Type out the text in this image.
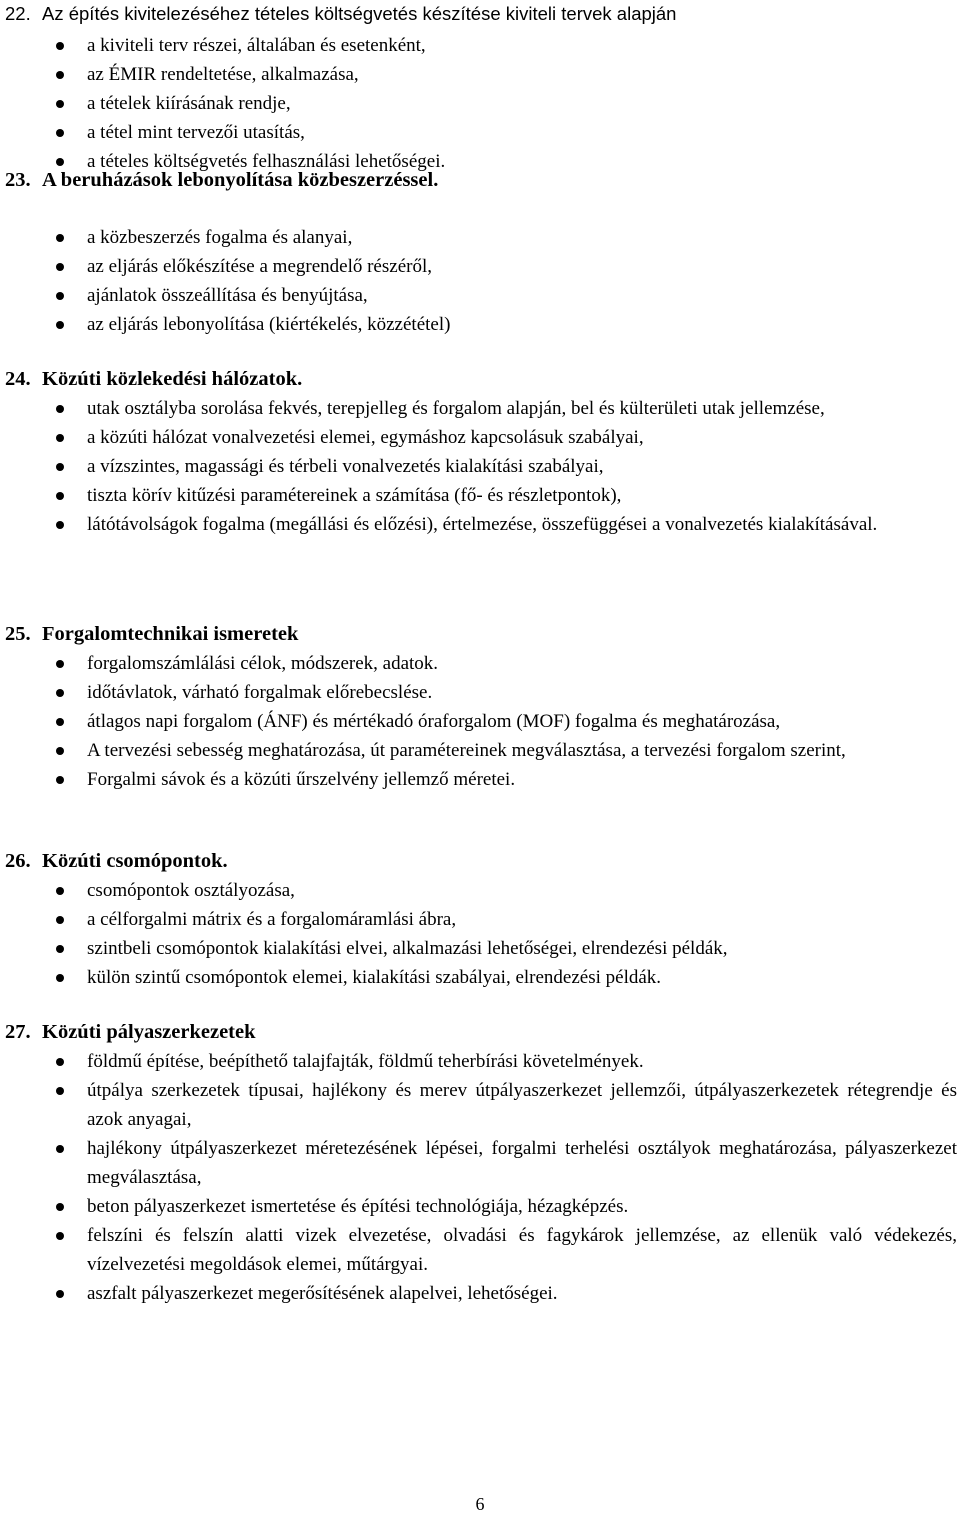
22. Az építés kivitelezéséhez tételes költségvetés készítése kiviteli tervek alapján
a kiviteli terv részei, általában és esetenként,
az ÉMIR rendeltetése, alkalmazása,
a tételek kiírásának rendje,
a tétel mint tervezői utasítás,
a tételes költségvetés felhasználási lehetőségei.
23. A beruházások lebonyolítása közbeszerzéssel.
a közbeszerzés fogalma és alanyai,
az eljárás előkészítése a megrendelő részéről,
ajánlatok összeállítása és benyújtása,
az eljárás lebonyolítása (kiértékelés, közzététel)
24. Közúti közlekedési hálózatok.
utak osztályba sorolása fekvés, terepjelleg és forgalom alapján, bel és külterületi utak jellemzése,
a közúti hálózat vonalvezetési elemei, egymáshoz kapcsolásuk szabályai,
a vízszintes, magassági és térbeli vonalvezetés kialakítási szabályai,
tiszta körív kitűzési paramétereinek a számítása (fő- és részletpontok),
látótávolságok fogalma (megállási és előzési), értelmezése, összefüggései a vonalvezetés kialakításával.
25. Forgalomtechnikai ismeretek
forgalomszámlálási célok, módszerek, adatok.
időtávlatok, várható forgalmak előrebecslése.
átlagos napi forgalom (ÁNF) és mértékadó óraforgalom (MOF) fogalma és meghatározása,
A tervezési sebesség meghatározása, út paramétereinek megválasztása, a tervezési forgalom szerint,
Forgalmi sávok és a közúti űrszelvény jellemző méretei.
26. Közúti csomópontok.
csomópontok osztályozása,
a célforgalmi mátrix és a forgalomáramlási ábra,
szintbeli csomópontok kialakítási elvei, alkalmazási lehetőségei, elrendezési példák,
külön szintű csomópontok elemei, kialakítási szabályai, elrendezési példák.
27. Közúti pályaszerkezetek
földmű építése, beépíthető talajfajták, földmű teherbírási követelmények.
útpálya szerkezetek típusai, hajlékony és merev útpályaszerkezet jellemzői, útpályaszerkezetek rétegrendje és azok anyagai,
hajlékony útpályaszerkezet méretezésének lépései, forgalmi terhelési osztályok meghatározása, pályaszerkezet megválasztása,
beton pályaszerkezet ismertetése és építési technológiája, hézagképzés.
felszíni és felszín alatti vizek elvezetése, olvadási és fagykárok jellemzése, az ellenük való védekezés, vízelvezetési megoldások elemei, műtárgyai.
aszfalt pályaszerkezet megerősítésének alapelvei, lehetőségei.
6
